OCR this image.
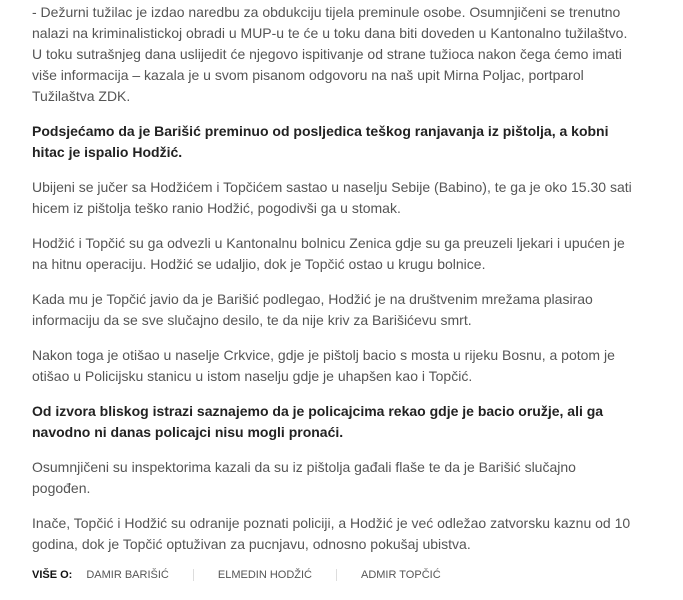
- Dežurni tužilac je izdao naredbu za obdukciju tijela preminule osobe. Osumnjičeni se trenutno nalazi na kriminalistickoj obradi u MUP-u te će u toku dana biti doveden u Kantonalno tužilaštvo. U toku sutrašnjeg dana uslijedit će njegovo ispitivanje od strane tužioca nakon čega ćemo imati više informacija – kazala je u svom pisanom odgovoru na naš upit Mirna Poljac, portparol Tužilaštva ZDK.

Podsjećamo da je Barišić preminuo od posljedica teškog ranjavanja iz pištolja, a kobni hitac je ispalio Hodžić.

Ubijeni se jučer sa Hodžićem i Topčićem sastao u naselju Sebije (Babino), te ga je oko 15.30 sati hicem iz pištolja teško ranio Hodžić, pogodivši ga u stomak.

Hodžić i Topčić su ga odvezli u Kantonalnu bolnicu Zenica gdje su ga preuzeli ljekari i upućen je na hitnu operaciju. Hodžić se udaljio, dok je Topčić ostao u krugu bolnice.

Kada mu je Topčić javio da je Barišić podlegao, Hodžić je na društvenim mrežama plasirao informaciju da se sve slučajno desilo, te da nije kriv za Barišićevu smrt.

Nakon toga je otišao u naselje Crkvice, gdje je pištolj bacio s mosta u rijeku Bosnu, a potom je otišao u Policijsku stanicu u istom naselju gdje je uhapšen kao i Topčić.

Od izvora bliskog istrazi saznajemo da je policajcima rekao gdje je bacio oružje, ali ga navodno ni danas policajci nisu mogli pronaći.

Osumnjičeni su inspektorima kazali da su iz pištolja gađali flaše te da je Barišić slučajno pogođen.

Inače, Topčić i Hodžić su odranije poznati policiji, a Hodžić je već odležao zatvorsku kaznu od 10 godina, dok je Topčić optuživan za pucnjavu, odnosno pokušaj ubistva.

VIŠE O: DAMIR BARIŠIĆ	ELMEDIN HODŽIĆ	ADMIR TOPČIĆ
